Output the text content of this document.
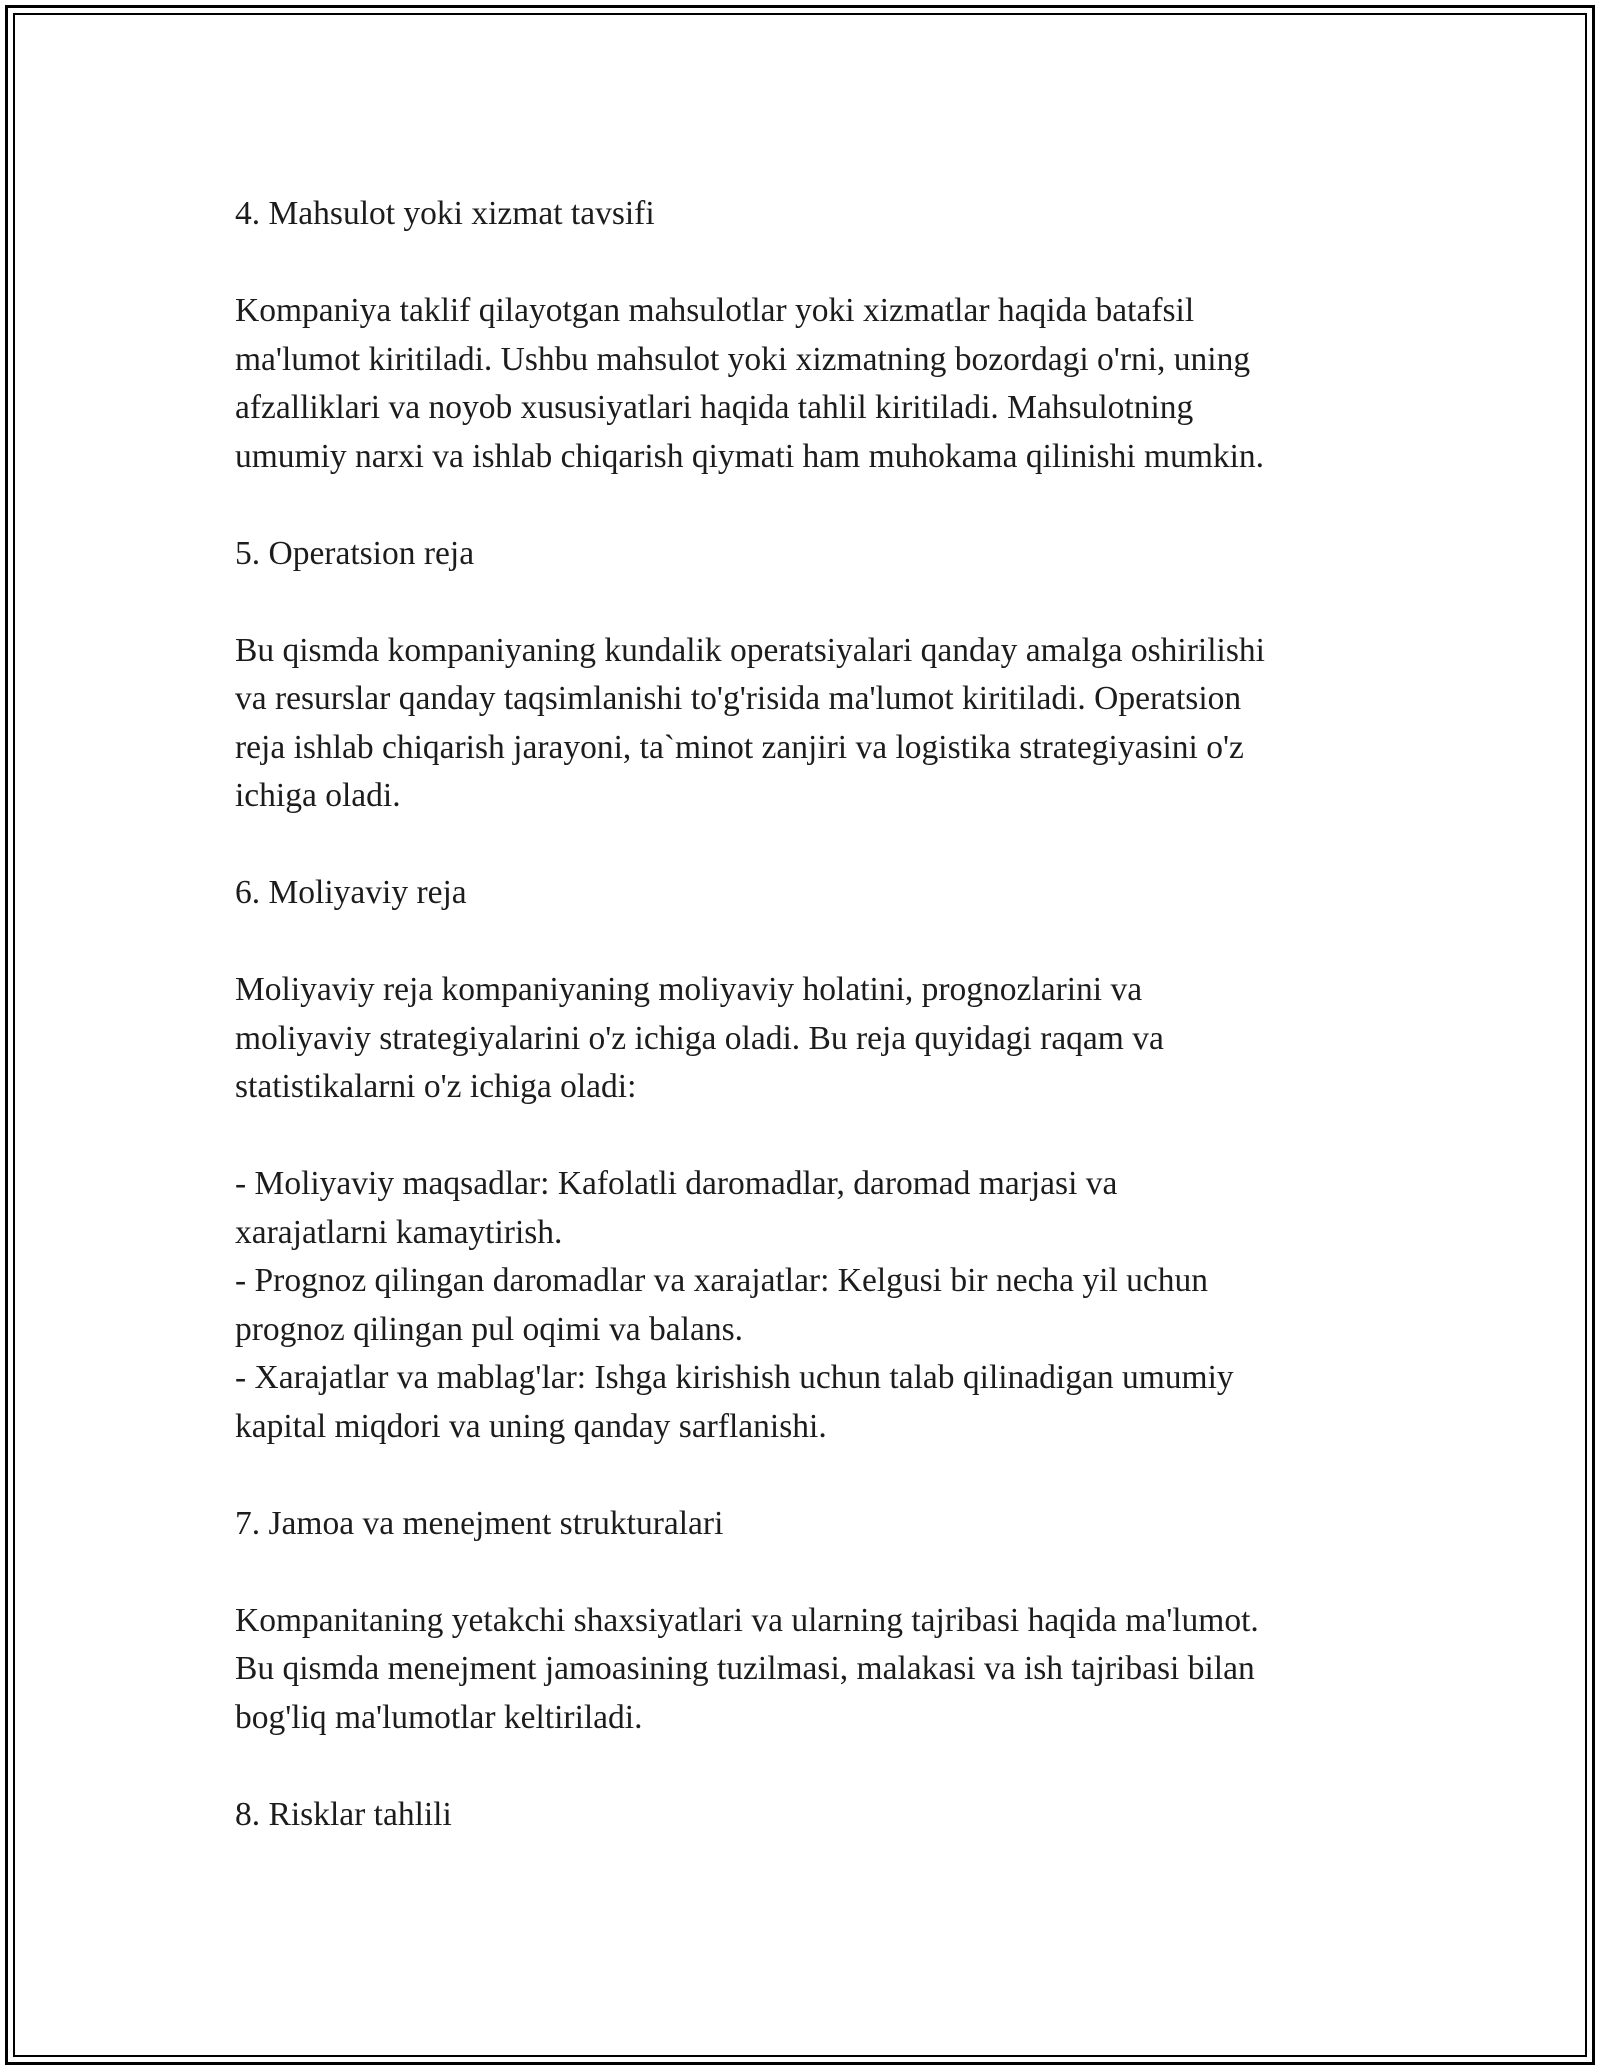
4. Mahsulot yoki xizmat tavsifi

Kompaniya taklif qilayotgan mahsulotlar yoki xizmatlar haqida batafsil
ma'lumot kiritiladi. Ushbu mahsulot yoki xizmatning bozordagi o'rni, uning
afzalliklari va noyob xususiyatlari haqida tahlil kiritiladi. Mahsulotning
umumiy narxi va ishlab chiqarish qiymati ham muhokama qilinishi mumkin.

5. Operatsion reja

Bu qismda kompaniyaning kundalik operatsiyalari qanday amalga oshirilishi
va resurslar qanday taqsimlanishi to'g'risida ma'lumot kiritiladi. Operatsion
reja ishlab chiqarish jarayoni, ta`minot zanjiri va logistika strategiyasini o'z
ichiga oladi.

6. Moliyaviy reja

Moliyaviy reja kompaniyaning moliyaviy holatini, prognozlarini va
moliyaviy strategiyalarini o'z ichiga oladi. Bu reja quyidagi raqam va
statistikalarni o'z ichiga oladi:

- Moliyaviy maqsadlar: Kafolatli daromadlar, daromad marjasi va
xarajatlarni kamaytirish.
- Prognoz qilingan daromadlar va xarajatlar: Kelgusi bir necha yil uchun
prognoz qilingan pul oqimi va balans.
- Xarajatlar va mablag'lar: Ishga kirishish uchun talab qilinadigan umumiy
kapital miqdori va uning qanday sarflanishi.

7. Jamoa va menejment strukturalari

Kompanitaning yetakchi shaxsiyatlari va ularning tajribasi haqida ma'lumot.
Bu qismda menejment jamoasining tuzilmasi, malakasi va ish tajribasi bilan
bog'liq ma'lumotlar keltiriladi.

8. Risklar tahlili
